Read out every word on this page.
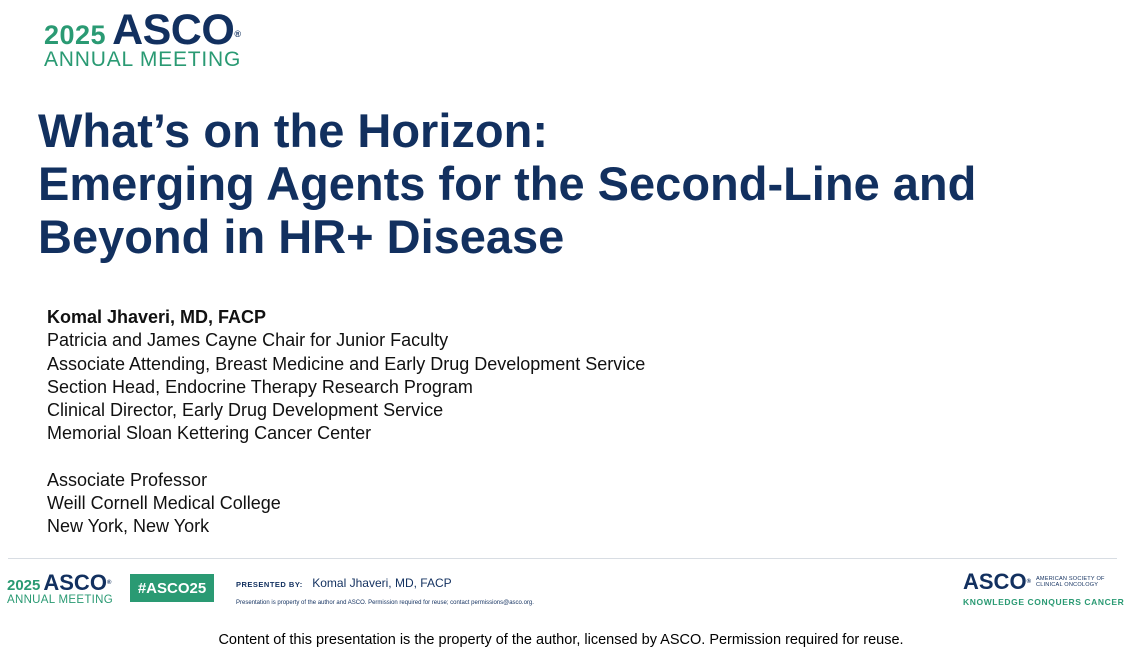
2025 ASCO®
ANNUAL MEETING
What’s on the Horizon:
Emerging Agents for the Second-Line and
Beyond in HR+ Disease
Komal Jhaveri, MD, FACP
Patricia and James Cayne Chair for Junior Faculty
Associate Attending, Breast Medicine and Early Drug Development Service
Section Head, Endocrine Therapy Research Program
Clinical Director, Early Drug Development Service
Memorial Sloan Kettering Cancer Center
Associate Professor
Weill Cornell Medical College
New York, New York
2025 ASCO®
ANNUAL MEETING
#ASCO25	PRESENTED BY: Komal Jhaveri, MD, FACP
Presentation is property of the author and ASCO. Permission required for reuse; contact permissions@asco.org.
ASCO®
AMERICAN SOCIETY OF
CLINICAL ONCOLOGY
KNOWLEDGE CONQUERS CANCER
Content of this presentation is the property of the author, licensed by ASCO. Permission required for reuse.
